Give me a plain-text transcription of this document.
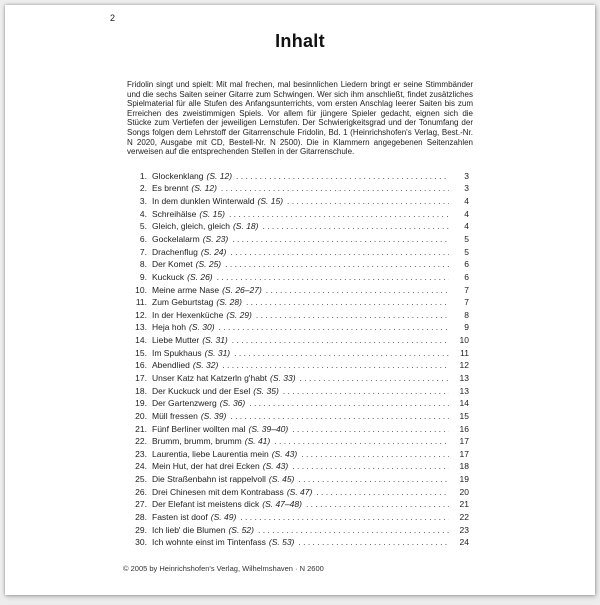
2
Inhalt

Fridolin singt und spielt: Mit mal frechen, mal besinnlichen Liedern bringt er seine Stimmbänder und die sechs Saiten seiner Gitarre zum Schwingen. Wer sich ihm anschließt, findet zusätzliches Spielmaterial für alle Stufen des Anfangsunterrichts, vom ersten Anschlag leerer Saiten bis zum Erreichen des zweistimmigen Spiels. Vor allem für jüngere Spieler gedacht, eignen sich die Stücke zum Vertiefen der jeweiligen Lernstufen. Der Schwierigkeitsgrad und der Tonumfang der Songs folgen dem Lehrstoff der Gitarrenschule Fridolin, Bd. 1 (Heinrichshofen's Verlag, Best.-Nr. N 2020, Ausgabe mit CD, Bestell-Nr. N 2500). Die in Klammern angegebenen Seitenzahlen verweisen auf die entsprechenden Stellen in der Gitarrenschule.

1. Glockenklang (S. 12) . . .	3
2. Es brennt (S. 12) . . .	3
3. In dem dunklen Winterwald (S. 15) . . .	4
4. Schreihälse (S. 15) . . .	4
5. Gleich, gleich, gleich (S. 18) . . .	4
6. Gockelalarm (S. 23) . . .	5
7. Drachenflug (S. 24) . . .	5
8. Der Komet (S. 25) . . .	6
9. Kuckuck (S. 26) . . .	6
10. Meine arme Nase (S. 26–27) . . .	7
11. Zum Geburtstag (S. 28) . . .	7
12. In der Hexenküche (S. 29) . . .	8
13. Heja hoh (S. 30) . . .	9
14. Liebe Mutter (S. 31) . . .	10
15. Im Spukhaus (S. 31) . . .	11
16. Abendlied (S. 32) . . .	12
17. Unser Katz hat Katzerln g'habt (S. 33) . . .	13
18. Der Kuckuck und der Esel (S. 35) . . .	13
19. Der Gartenzwerg (S. 36) . . .	14
20. Müll fressen (S. 39) . . .	15
21. Fünf Berliner wollten mal (S. 39–40) . . .	16
22. Brumm, brumm, brumm (S. 41) . . .	17
23. Laurentia, liebe Laurentia mein (S. 43) . . .	17
24. Mein Hut, der hat drei Ecken (S. 43) . . .	18
25. Die Straßenbahn ist rappelvoll (S. 45) . . .	19
26. Drei Chinesen mit dem Kontrabass (S. 47) . . .	20
27. Der Elefant ist meistens dick (S. 47–48) . . .	21
28. Fasten ist doof (S. 49) . . .	22
29. Ich lieb' die Blumen (S. 52) . . .	23
30. Ich wohnte einst im Tintenfass (S. 53) . . .	24
© 2005 by Heinrichshofen's Verlag, Wilhelmshaven · N 2600
